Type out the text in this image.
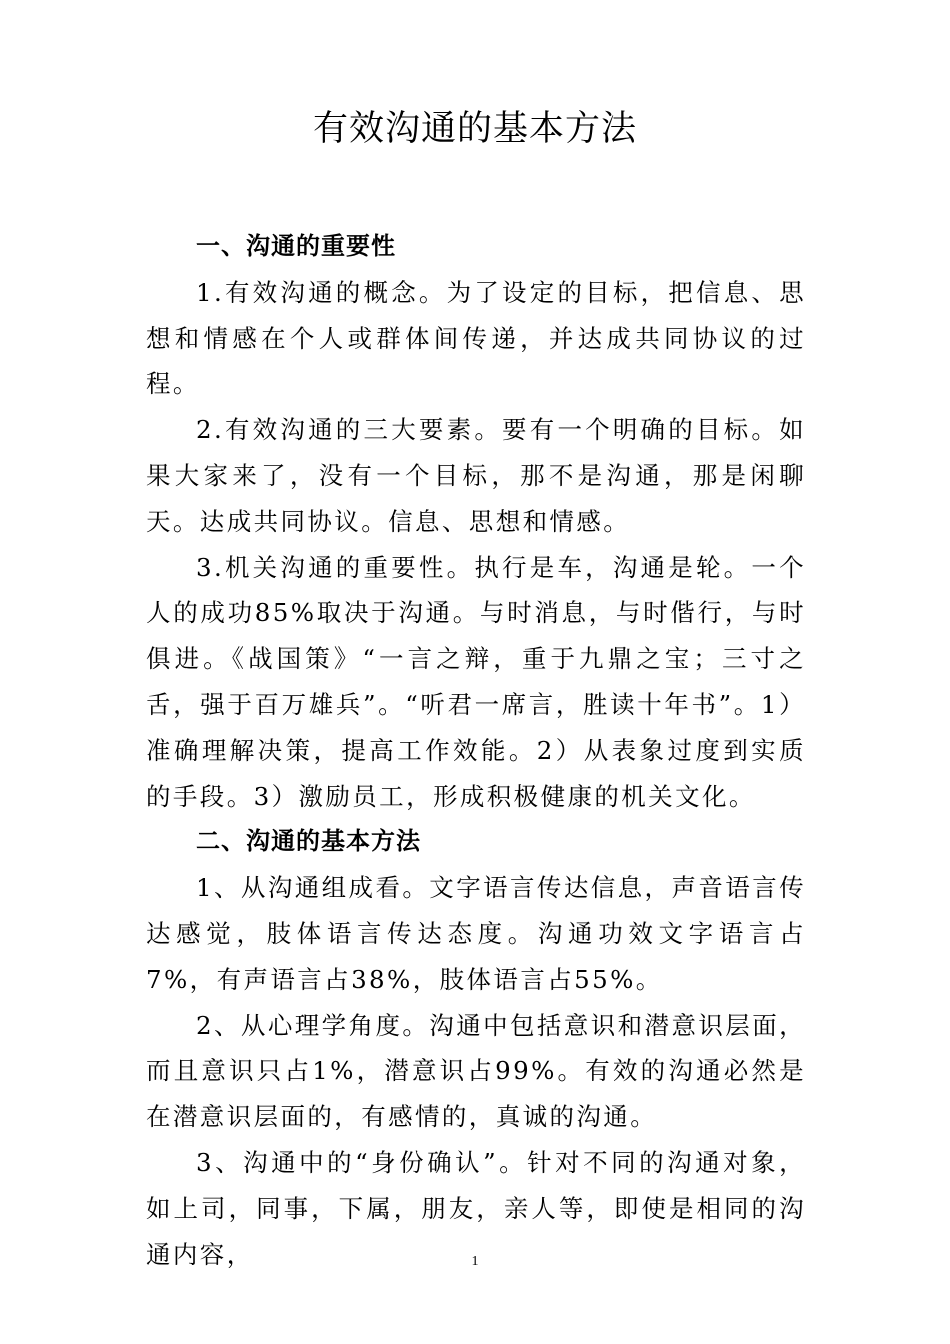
有效沟通的基本方法

一、沟通的重要性

1.有效沟通的概念。为了设定的目标，把信息、思想和情感在个人或群体间传递，并达成共同协议的过程。

2.有效沟通的三大要素。要有一个明确的目标。如果大家来了，没有一个目标，那不是沟通，那是闲聊天。达成共同协议。信息、思想和情感。

3.机关沟通的重要性。执行是车，沟通是轮。一个人的成功85%取决于沟通。与时消息，与时偕行，与时俱进。《战国策》“一言之辩，重于九鼎之宝；三寸之舌，强于百万雄兵”。“听君一席言，胜读十年书”。1）准确理解决策，提高工作效能。2）从表象过度到实质的手段。3）激励员工，形成积极健康的机关文化。

二、沟通的基本方法

1、从沟通组成看。文字语言传达信息，声音语言传达感觉，肢体语言传达态度。沟通功效文字语言占7%，有声语言占38%，肢体语言占55%。

2、从心理学角度。沟通中包括意识和潜意识层面，而且意识只占1%，潜意识占99%。有效的沟通必然是在潜意识层面的，有感情的，真诚的沟通。

3、沟通中的“身份确认”。针对不同的沟通对象，如上司，同事，下属，朋友，亲人等，即使是相同的沟通内容，	1
